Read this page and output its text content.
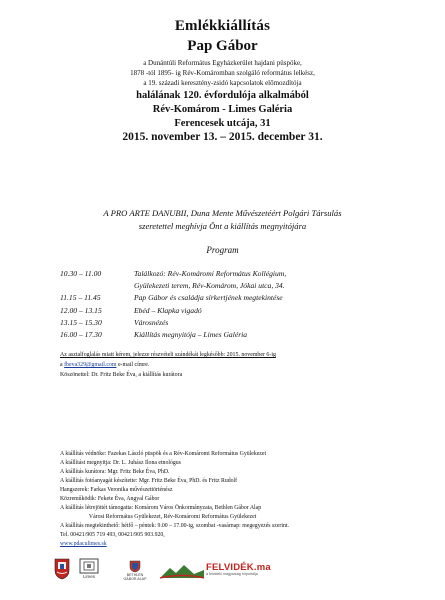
Emlékkiállítás
Pap Gábor
a Dunántúli Református Egyházkerület hajdani püspöke,
1878 -tól 1895- ig Rév-Komáromban szolgáló református lelkész,
a 19. századi keresztény-zsidó kapcsolatok előmozdítója
halálának 120. évfordulója alkalmából
Rév-Komárom - Limes Galéria
Ferencesek utcája, 31
2015. november 13. – 2015. december 31.
A PRO ARTE DANUBII, Duna Mente Művészetéért Polgári Társulás
szeretettel meghívja Önt a kiállítás megnyitójára
Program
10.30 – 11.00	Találkozó: Rév-Komáromi Református Kollégium,
Gyülekezeti terem, Rév-Komárom, Jókai utca, 34.
11.15 – 11.45	Pap Gábor és családja sírkertjének megtekintése
12.00 – 13.15	Ebéd – Klapka vigadó
13.15 – 15.30	Városnézés
16.00 – 17.30	Kiállítás megnyitója – Limes Galéria
Az asztalfoglalás miatt kérem, jelezze részvételi szándékát legkésőbb: 2015. november 6-ig
a fbeva329@gmail.com e-mail címre.
Köszönettel: Dr. Fritz Beke Éva, a kiállítás kurátora
A kiállítás védnöke: Fazekas László püspök és a Rév-Komáromi Református Gyülekezet
A kiállítást megnyitja: Dr. L. Juhász Ilona etnológus
A kiállítás kurátora: Mgr. Fritz Beke Éva, PhD.
A kiállítás fotóanyagát készítette: Mgr. Fritz Beke Éva, PhD. és Fritz Rudolf
Hangszerek: Farkas Veronika művészettörténész
Közreműködik: Fekete Éva, Angyal Gábor
A kiállítás létrejöttét támogatta: Komárom Város Önkormányzata, Bethlen Gábor Alap
Városi Református Gyülekezet, Rév-Komáromi Református Gyülekezet
A kiállítás megtekinthető: hétfő – péntek: 9.00 – 17.00-ig, szombat -vasárnap: megegyezés szerint.
Tel. 00421/905 719 493, 00421/905 903.920,
www.pdaculimes.sk
Limes	BETHLEN GÁBOR ALAP
FELVIDÉK.ma
a felvidéki magyarság hírportálja
